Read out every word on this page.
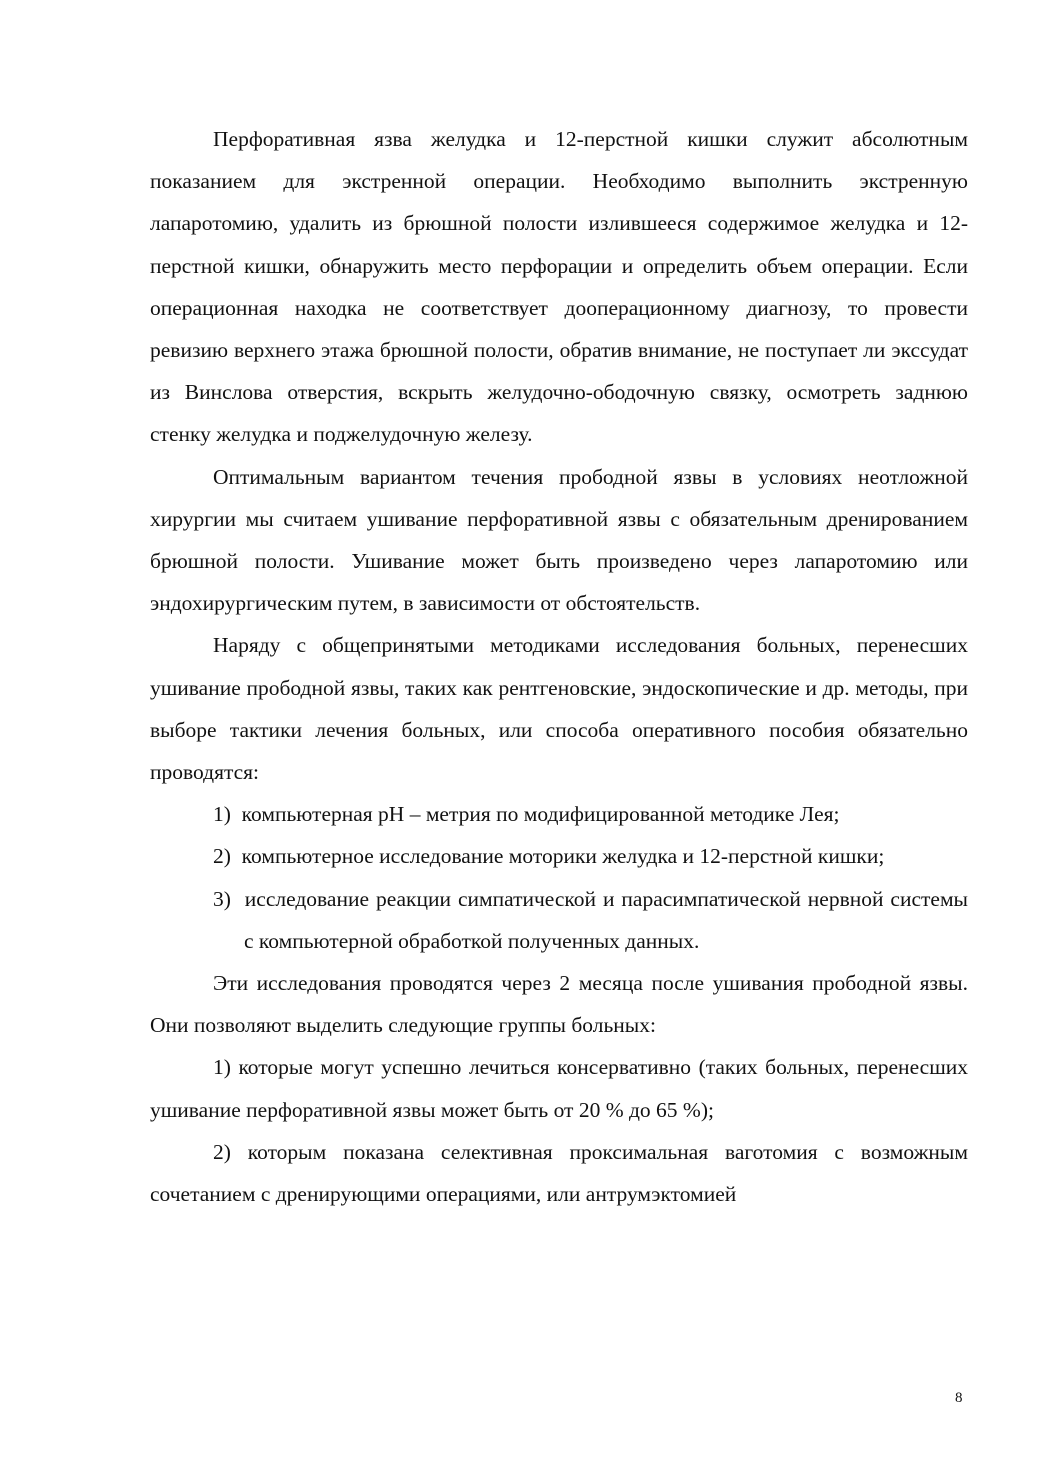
Перфоративная язва желудка и 12-перстной кишки служит абсолютным показанием для экстренной операции. Необходимо выполнить экстренную лапаротомию, удалить из брюшной полости излившееся содержимое желудка и 12- перстной кишки, обнаружить место перфорации и определить объем операции. Если операционная находка не соответствует дооперационному диагнозу, то провести ревизию верхнего этажа брюшной полости, обратив внимание, не поступает ли экссудат из Винслова отверстия, вскрыть желудочно-ободочную связку, осмотреть заднюю стенку желудка и поджелудочную железу.

Оптимальным вариантом течения прободной язвы в условиях неотложной хирургии мы считаем ушивание перфоративной язвы с обязательным дренированием брюшной полости. Ушивание может быть произведено через лапаротомию или эндохирургическим путем, в зависимости от обстоятельств.

Наряду с общепринятыми методиками исследования больных, перенесших ушивание прободной язвы, таких как рентгеновские, эндоскопические и др. методы, при выборе тактики лечения больных, или способа оперативного пособия обязательно проводятся:

1)  компьютерная рН – метрия по модифицированной методике Лея;

2)  компьютерное исследование моторики желудка и 12-перстной кишки;

3)  исследование реакции симпатической и парасимпатической нервной системы с компьютерной обработкой полученных данных.

Эти исследования проводятся через 2 месяца после ушивания прободной язвы. Они позволяют выделить следующие группы больных:

1) которые могут успешно лечиться консервативно (таких больных, перенесших ушивание перфоративной язвы может быть от 20 % до 65 %);

2) которым показана селективная проксимальная ваготомия с возможным сочетанием с дренирующими операциями, или антрумэктомией

8
